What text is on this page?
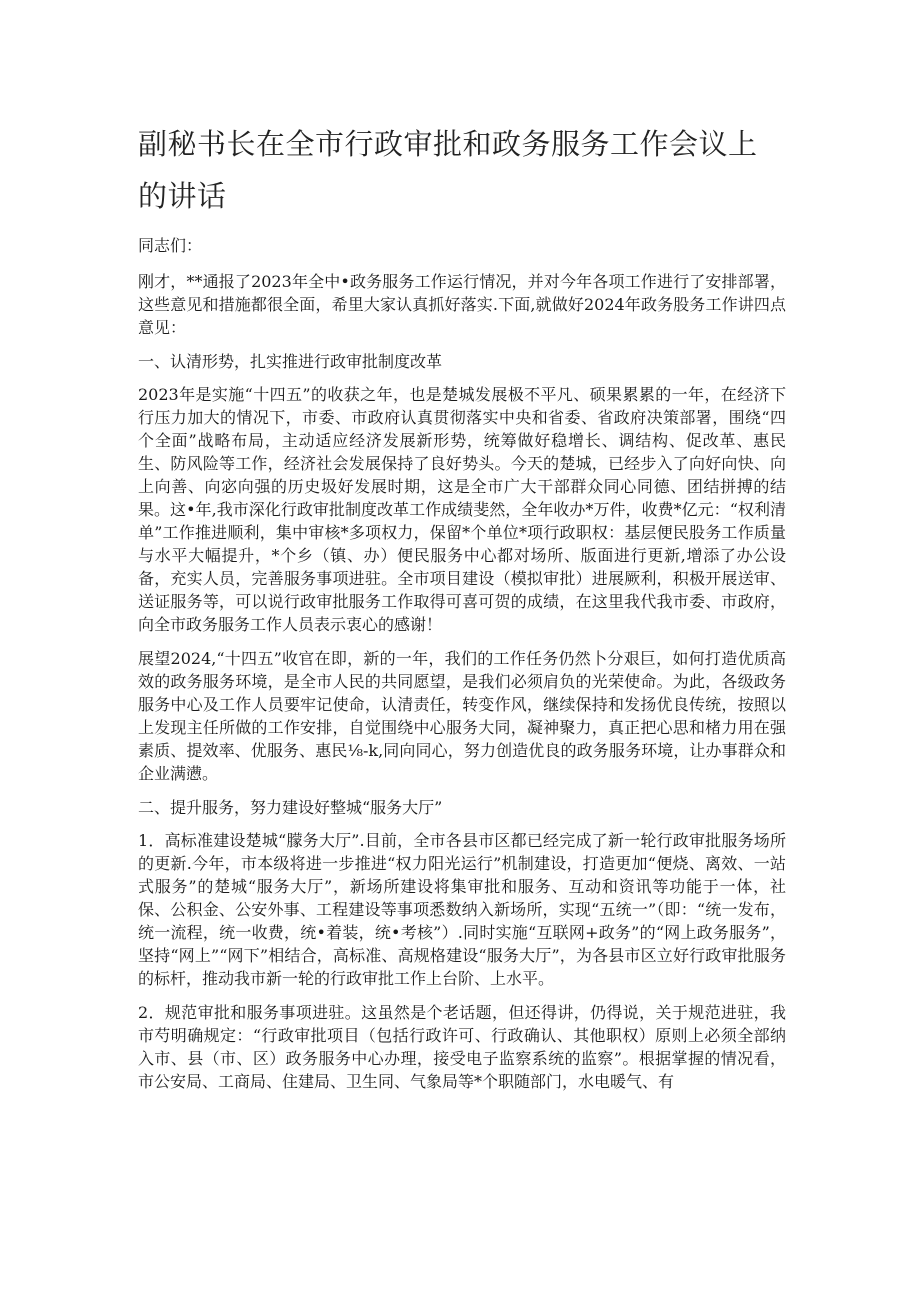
副秘书长在全市行政审批和政务服务工作会议上的讲话

同志们：

刚才，**通报了2023年全中•政务服务工作运行情况，并对今年各项工作进行了安排部署，这些意见和措施都很全面，希里大家认真抓好落实.下面,就做好2024年政务股务工作讲四点意见：

一、认清形势，扎实推进行政审批制度改革

2023年是实施“十四五”的收获之年，也是楚城发展极不平凡、硕果累累的一年，在经济下行压力加大的情况下，市委、市政府认真贯彻落实中央和省委、省政府决策部署，围绕“四个全面”战略布局，主动适应经济发展新形势，统筹做好稳增长、调结构、促改革、惠民生、防风险等工作，经济社会发展保持了良好势头。今天的楚城，已经步入了向好向快、向上向善、向宓向强的历史圾好发展时期，这是全市广大干部群众同心同德、团结拼搏的结果。这•年,我市深化行政审批制度改革工作成绩斐然，全年收办*万件，收费*亿元：“权利清单”工作推进顺利，集中审核*多项权力，保留*个单位*项行政职权：基层便民股务工作质量与水平大幅提升，*个乡（镇、办）便民服务中心都对场所、版面进行更新,增添了办公设备，充实人员，完善服务事项进驻。全市项目建设（模拟审批）进展厥利，积极开展送审、送证服务等，可以说行政审批服务工作取得可喜可贺的成绩，在这里我代我市委、市政府，向全市政务服务工作人员表示衷心的感谢！

展望2024,“十四五”收官在即，新的一年，我们的工作任务仍然卜分艰巨，如何打造优质高效的政务服务环境，是全市人民的共同愿望，是我们必须肩负的光荣使命。为此，各级政务服务中心及工作人员要牢记使命，认清责任，转变作风，继续保持和发扬优良传统，按照以上发现主任所做的工作安排，自觉围绕中心服务大同，凝神聚力，真正把心思和楮力用在强素质、提效率、优服务、惠民⅛-k,同向同心，努力创造优良的政务服务环境，让办事群众和企业满懑。

二、提升服务，努力建设好整城“服务大厅”

1．高标准建设楚城“朦务大厅”.目前，全市各县市区都已经完成了新一轮行政审批服务场所的更新.今年，市本级将进一步推进“权力阳光运行”机制建设，打造更加“便烧、离效、一站式服务”的楚城“服务大厅”，新场所建设将集审批和服务、互动和资讯等功能于一体，社保、公积金、公安外事、工程建设等事项悉数纳入新场所，实现“五统一”（即：“统一发布，统一流程，统一收费，统•着装，统•考核”）.同时实施“互联网+政务”的“网上政务服务”，坚持“网上”“网下”相结合，高标准、高规格建设“服务大厅”，为各县市区立好行政审批服务的标杆，推动我市新一轮的行政审批工作上台阶、上水平。

2．规范审批和服务事项进驻。这虽然是个老话题，但还得讲，仍得说，关于规范进驻，我市芍明确规定：“行政审批项目（包括行政许可、行政确认、其他职权）原则上必须全部纳入市、县（市、区）政务服务中心办理，接受电子监察系统的监察”。根据掌握的情况看，市公安局、工商局、住建局、卫生同、气象局等*个职随部门，水电暖气、有
